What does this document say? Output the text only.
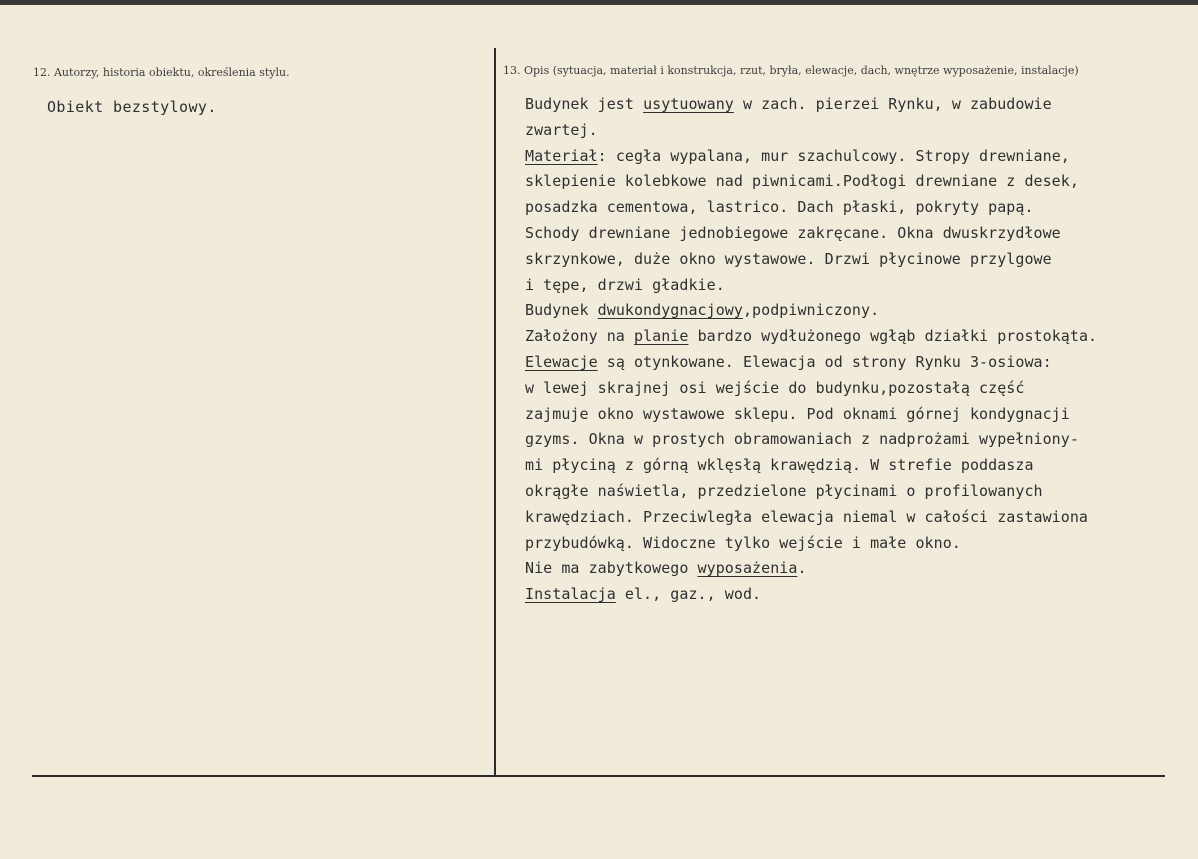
12. Autorzy, historia obiektu, określenia stylu.
Obiekt bezstylowy.
13. Opis (sytuacja, materiał i konstrukcja, rzut, bryła, elewacje, dach, wnętrze wyposażenie, instalacje)
Budynek jest usytuowany w zach. pierzei Rynku, w zabudowie
zwartej.
Materiał: cegła wypalana, mur szachulcowy. Stropy drewniane,
sklepienie kolebkowe nad piwnicami.Podłogi drewniane z desek,
posadzka cementowa, lastrico. Dach płaski, pokryty papą.
Schody drewniane jednobiegowe zakręcane. Okna dwuskrzydłowe
skrzynkowe, duże okno wystawowe. Drzwi płycinowe przylgowe
i tępe, drzwi gładkie.
Budynek dwukondygnacjowy,podpiwniczony.
Założony na planie bardzo wydłużonego wgłąb działki prostokąta.
Elewacje są otynkowane. Elewacja od strony Rynku 3-osiowa:
w lewej skrajnej osi wejście do budynku,pozostałą część
zajmuje okno wystawowe sklepu. Pod oknami górnej kondygnacji
gzyms. Okna w prostych obramowaniach z nadprożami wypełniony-
mi płyciną z górną wklęsłą krawędzią. W strefie poddasza
okrągłe naświetla, przedzielone płycinami o profilowanych
krawędziach. Przeciwległa elewacja niemal w całości zastawiona
przybudówką. Widoczne tylko wejście i małe okno.
Nie ma zabytkowego wyposażenia.
Instalacja el., gaz., wod.
